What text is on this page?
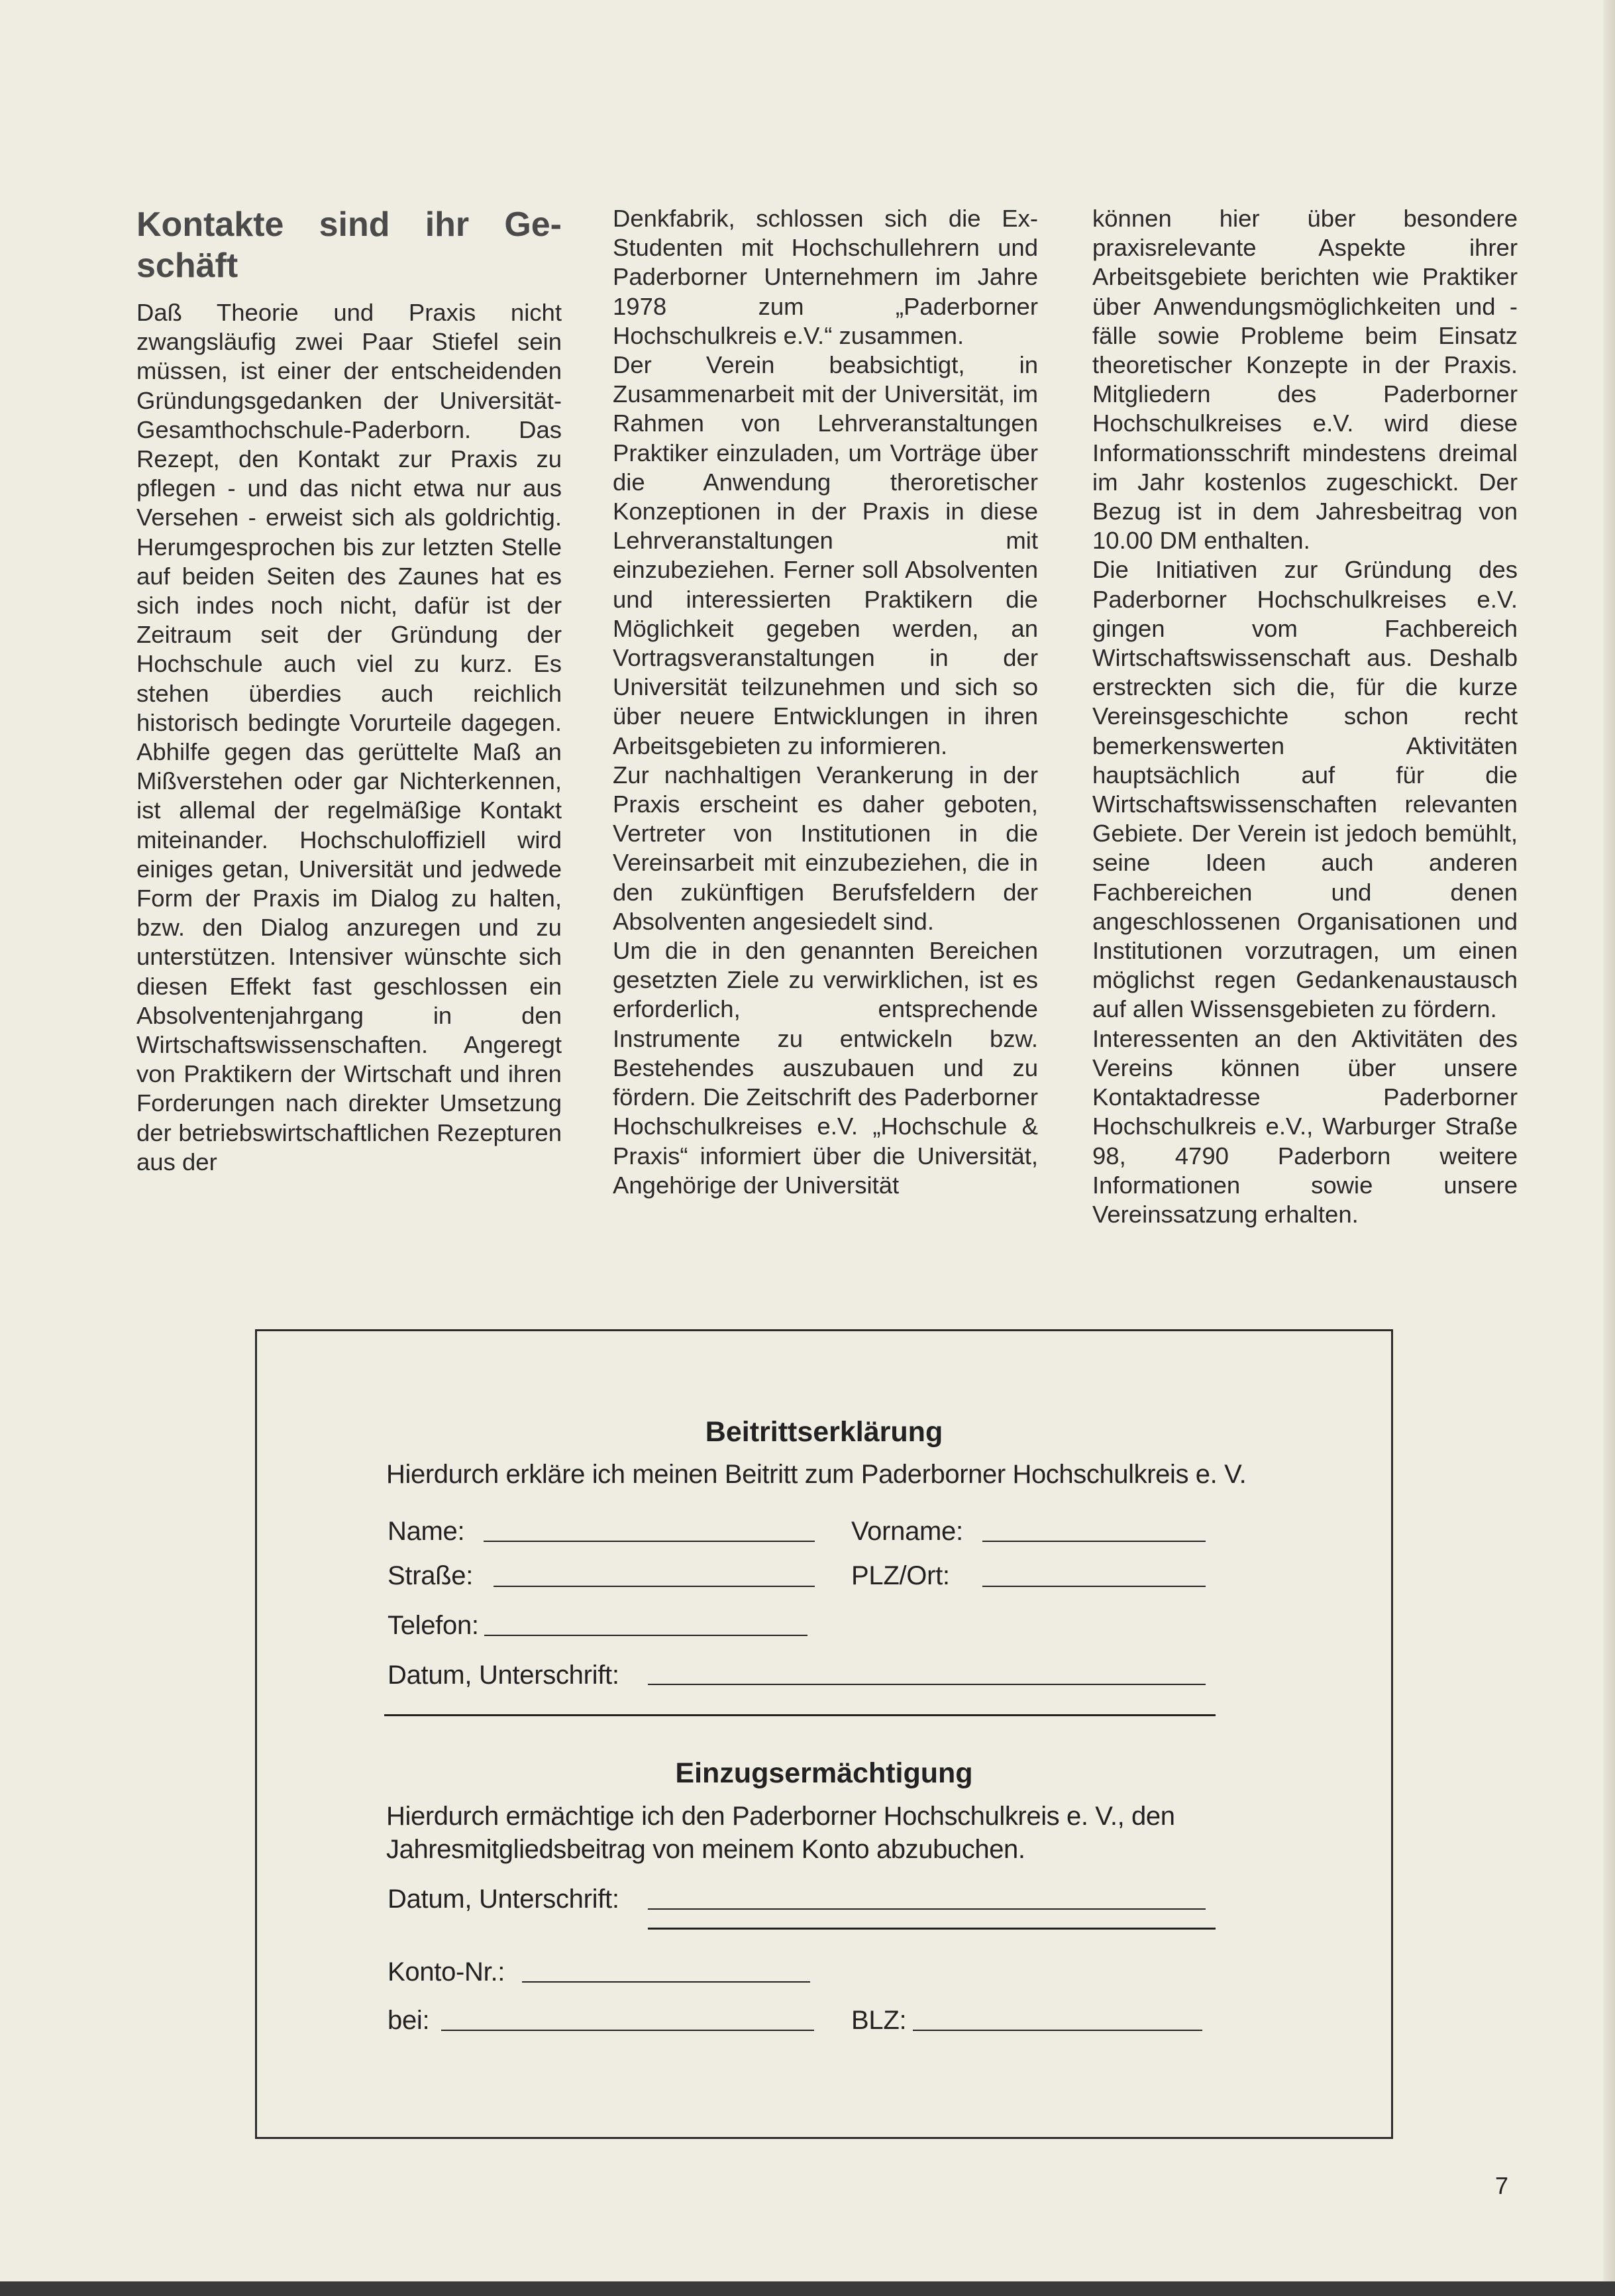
Kontakte sind ihr Ge-schäft

Daß Theorie und Praxis nicht zwangsläufig zwei Paar Stiefel sein müssen, ist einer der entscheidenden Gründungsgedanken der Universität-Gesamthochschule-Paderborn. Das Rezept, den Kontakt zur Praxis zu pflegen - und das nicht etwa nur aus Versehen - erweist sich als goldrichtig. Herumgesprochen bis zur letzten Stelle auf beiden Seiten des Zaunes hat es sich indes noch nicht, dafür ist der Zeitraum seit der Gründung der Hochschule auch viel zu kurz. Es stehen überdies auch reichlich historisch bedingte Vorurteile dagegen. Abhilfe gegen das gerüttelte Maß an Mißverstehen oder gar Nichterkennen, ist allemal der regelmäßige Kontakt miteinander. Hochschuloffiziell wird einiges getan, Universität und jedwede Form der Praxis im Dialog zu halten, bzw. den Dialog anzuregen und zu unterstützen. Intensiver wünschte sich diesen Effekt fast geschlossen ein Absolventenjahrgang in den Wirtschaftswissenschaften. Angeregt von Praktikern der Wirtschaft und ihren Forderungen nach direkter Umsetzung der betriebswirtschaftlichen Rezepturen aus der

Denkfabrik, schlossen sich die Ex-Studenten mit Hochschullehrern und Paderborner Unternehmern im Jahre 1978 zum „Paderborner Hochschulkreis e.V.“ zusammen.

Der Verein beabsichtigt, in Zusammenarbeit mit der Universität, im Rahmen von Lehrveranstaltungen Praktiker einzuladen, um Vorträge über die Anwendung theroretischer Konzeptionen in der Praxis in diese Lehrveranstaltungen mit einzubeziehen. Ferner soll Absolventen und interessierten Praktikern die Möglichkeit gegeben werden, an Vortragsveranstaltungen in der Universität teilzunehmen und sich so über neuere Entwicklungen in ihren Arbeitsgebieten zu informieren.

Zur nachhaltigen Verankerung in der Praxis erscheint es daher geboten, Vertreter von Institutionen in die Vereinsarbeit mit einzubeziehen, die in den zukünftigen Berufsfeldern der Absolventen angesiedelt sind.

Um die in den genannten Bereichen gesetzten Ziele zu verwirklichen, ist es erforderlich, entsprechende Instrumente zu entwickeln bzw. Bestehendes auszubauen und zu fördern. Die Zeitschrift des Paderborner Hochschulkreises e.V. „Hochschule & Praxis“ informiert über die Universität, Angehörige der Universität

können hier über besondere praxisrelevante Aspekte ihrer Arbeitsgebiete berichten wie Praktiker über Anwendungsmöglichkeiten und -fälle sowie Probleme beim Einsatz theoretischer Konzepte in der Praxis. Mitgliedern des Paderborner Hochschulkreises e.V. wird diese Informationsschrift mindestens dreimal im Jahr kostenlos zugeschickt. Der Bezug ist in dem Jahresbeitrag von 10.00 DM enthalten.

Die Initiativen zur Gründung des Paderborner Hochschulkreises e.V. gingen vom Fachbereich Wirtschaftswissenschaft aus. Deshalb erstreckten sich die, für die kurze Vereinsgeschichte schon recht bemerkenswerten Aktivitäten hauptsächlich auf für die Wirtschaftswissenschaften relevanten Gebiete. Der Verein ist jedoch bemühlt, seine Ideen auch anderen Fachbereichen und denen angeschlossenen Organisationen und Institutionen vorzutragen, um einen möglichst regen Gedankenaustausch auf allen Wissensgebieten zu fördern.

Interessenten an den Aktivitäten des Vereins können über unsere Kontaktadresse Paderborner Hochschulkreis e.V., Warburger Straße 98, 4790 Paderborn weitere Informationen sowie unsere Vereinssatzung erhalten.

Beitrittserklärung
Hierdurch erkläre ich meinen Beitritt zum Paderborner Hochschulkreis e. V.
Name:	Vorname:
Straße:	PLZ/Ort:
Telefon:
Datum, Unterschrift:
Einzugsermächtigung
Hierdurch ermächtige ich den Paderborner Hochschulkreis e. V., den
Jahresmitgliedsbeitrag von meinem Konto abzubuchen.
Datum, Unterschrift:
Konto-Nr.:
bei:	BLZ:
7
